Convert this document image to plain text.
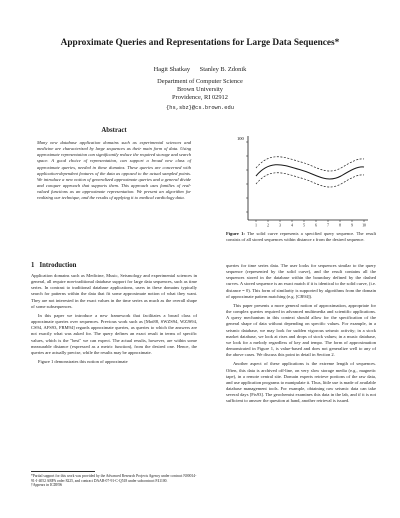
Approximate Queries and Representations for Large Data Sequences*
Hagit Shatkay      Stanley B. Zdonik
Department of Computer Science
Brown University
Providence, RI 02912
{hs,sbz}@cs.brown.edu
Abstract
Many new database application domains such as experimental sciences and medicine are characterized by large sequences as their main form of data. Using approximate representation can significantly reduce the required storage and search space. A good choice of representation, can support a broad new class of approximate queries, needed in these domains. These queries are concerned with application-dependent features of the data as opposed to the actual sampled points. We introduce a new notion of generalized approximate queries and a general divide and conquer approach that supports them. This approach uses families of real-valued functions as an approximate representation. We present an algorithm for realizing our technique, and the results of applying it to medical cardiology data.
1   Introduction

Application domains such as Medicine, Music, Seismology and experimental sciences in general, all require non-traditional database support for large data sequences, such as time series. In contrast to traditional database applications, users in these domains typically search for patterns within the data that fit some approximate notion of what they want. They are not interested in the exact values in the time series as much as the overall shape of some subsequences.

In this paper we introduce a new framework that facilitates a broad class of approximate queries over sequences. Previous work such as [Mot88, SWZS94, WZJS94, CS94, AFS93, FRM94] regards approximate queries, as queries to which the answers are not exactly what was asked for. The query defines an exact result in terms of specific values, which is the "best" we can expect. The actual results, however, are within some measurable distance (expressed as a metric function), from the desired one. Hence, the queries are actually precise, while the results may be approximate.

Figure 1 demonstrates this notion of approximate

*Partial support for this work was provided by the Advanced Research Projects Agency under contract N00014-91-J-4052 ARPA order 8225, and contract DAAB-07-91-C-Q518 under subcontract F41100.
†Appears in ICDE96
100
1	2	3	4	5	6	7	8	9	10
Figure 1: The solid curve represents a specified query sequence. The result consists of all stored sequences within distance ε from the desired sequence.

queries for time series data. The user looks for sequences similar to the query sequence (represented by the solid curve), and the result contains all the sequences stored in the database within the boundary defined by the dashed curves. A stored sequence is an exact match if it is identical to the solid curve, (i.e. distance = 0). This form of similarity is supported by algorithms from the domain of approximate pattern matching (e.g. [CR94]).

This paper presents a more general notion of approximation, appropriate for the complex queries required in advanced multimedia and scientific applications. A query mechanism in this context should allow for the specification of the general shape of data without depending on specific values. For example, in a seismic database, we may look for sudden vigorous seismic activity; in a stock market database, we look at rises and drops of stock values; in a music database, we look for a melody regardless of key and tempo. The form of approximation demonstrated in Figure 1, is value-based and does not generalize well to any of the above cases. We discuss this point in detail in Section 2.

Another aspect of these applications is the extreme length of sequences. Often, this data is archived off-line, on very slow storage media (e.g., magnetic tape), in a remote central site. Domain experts retrieve portions of the raw data, and use application programs to manipulate it. Thus, little use is made of available database management tools. For example, obtaining raw seismic data can take several days [Fis93]. The geochemist examines this data in the lab, and if it is not sufficient to answer the question at hand, another retrieval is issued.
